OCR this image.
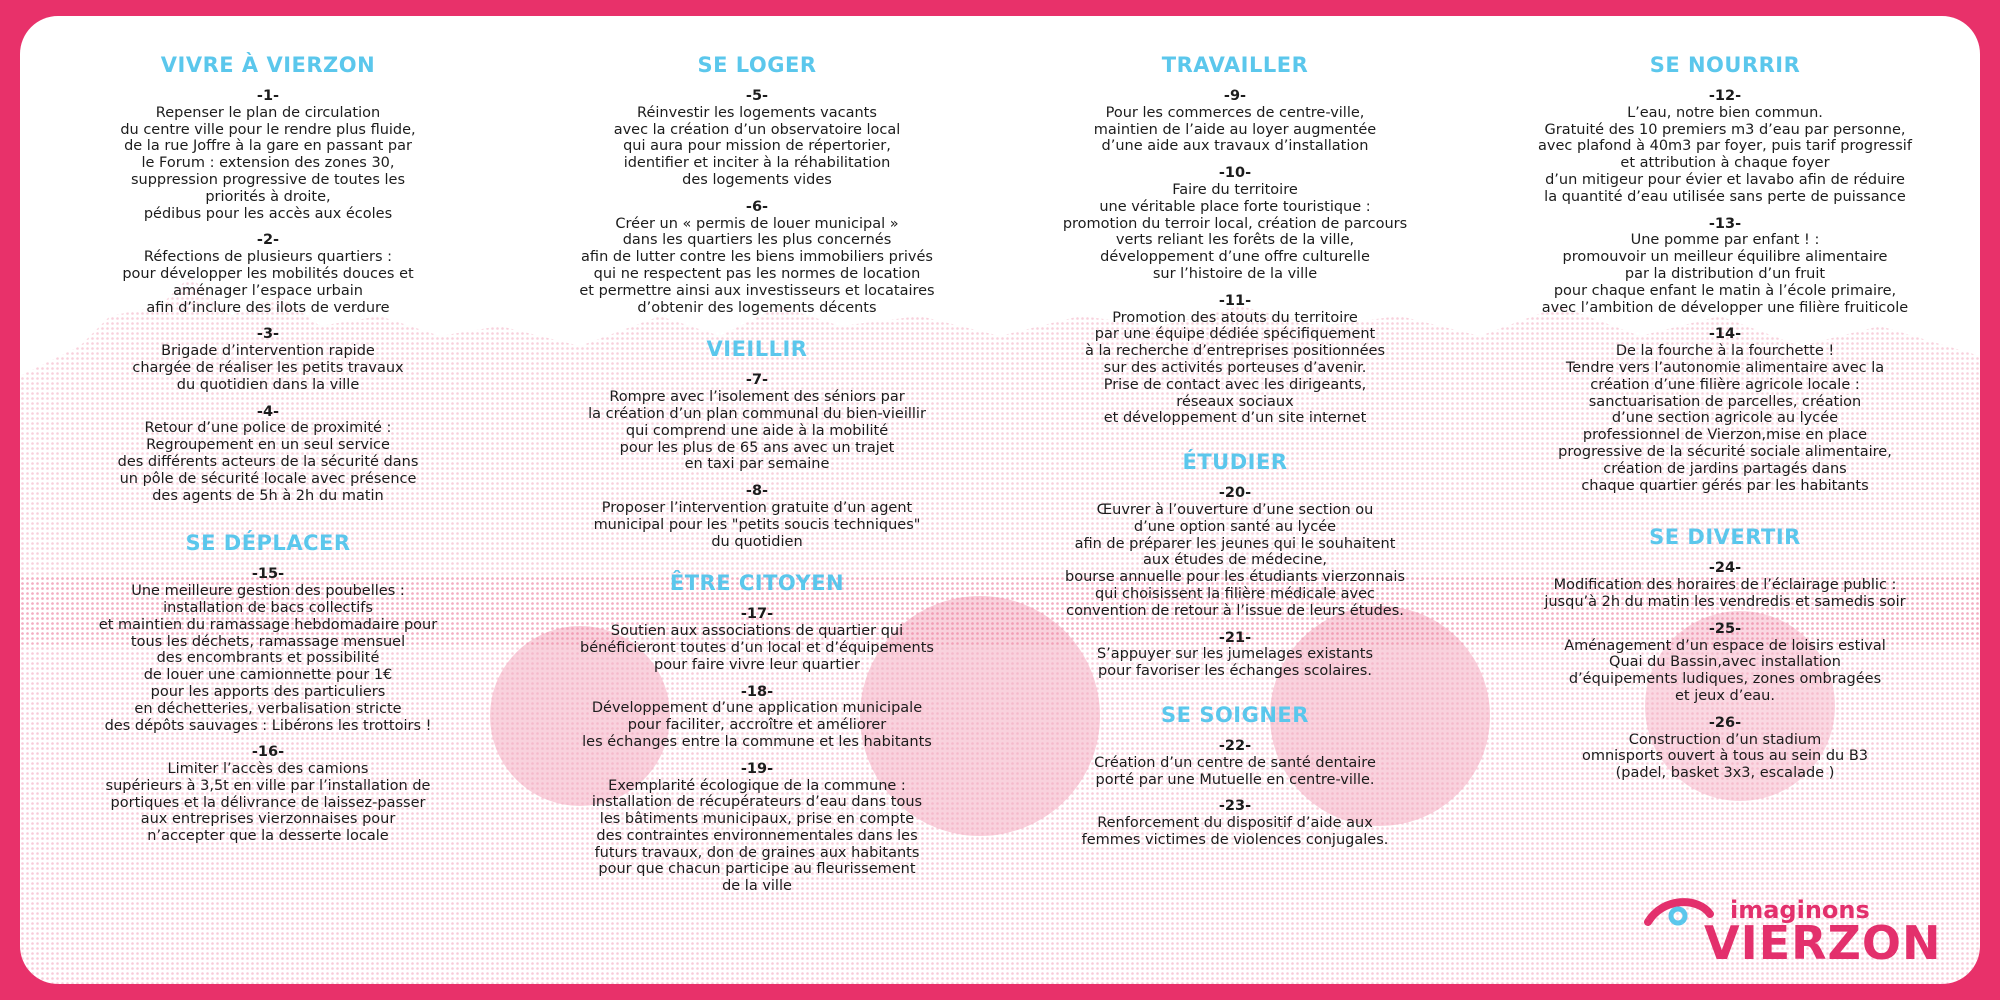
VIVRE À VIERZON
-1-
Repenser le plan de circulation
du centre ville pour le rendre plus fluide,
de la rue Joffre à la gare en passant par
le Forum : extension des zones 30,
suppression progressive de toutes les
priorités à droite,
pédibus pour les accès aux écoles
-2-
Réfections de plusieurs quartiers :
pour développer les mobilités douces et
aménager l’espace urbain
afin d’inclure des ilots de verdure
-3-
Brigade d’intervention rapide
chargée de réaliser les petits travaux
du quotidien dans la ville
-4-
Retour d’une police de proximité :
Regroupement en un seul service
des différents acteurs de la sécurité dans
un pôle de sécurité locale avec présence
des agents de 5h à 2h du matin
SE DÉPLACER
-15-
Une meilleure gestion des poubelles :
installation de bacs collectifs
et maintien du ramassage hebdomadaire pour
tous les déchets, ramassage mensuel
des encombrants et possibilité
de louer une camionnette pour 1€
pour les apports des particuliers
en déchetteries, verbalisation stricte
des dépôts sauvages : Libérons les trottoirs !
-16-
Limiter l’accès des camions
supérieurs à 3,5t en ville par l’installation de
portiques et la délivrance de laissez-passer
aux entreprises vierzonnaises pour
n’accepter que la desserte locale
SE LOGER
-5-
Réinvestir les logements vacants
avec la création d’un observatoire local
qui aura pour mission de répertorier,
identifier et inciter à la réhabilitation
des logements vides
-6-
Créer un « permis de louer municipal »
dans les quartiers les plus concernés
afin de lutter contre les biens immobiliers privés
qui ne respectent pas les normes de location
et permettre ainsi aux investisseurs et locataires
d’obtenir des logements décents
VIEILLIR
-7-
Rompre avec l’isolement des séniors par
la création d’un plan communal du bien-vieillir
qui comprend une aide à la mobilité
pour les plus de 65 ans avec un trajet
en taxi par semaine
-8-
Proposer l’intervention gratuite d’un agent
municipal pour les "petits soucis techniques"
du quotidien
ÊTRE CITOYEN
-17-
Soutien aux associations de quartier qui
bénéficieront toutes d’un local et d’équipements
pour faire vivre leur quartier
-18-
Développement d’une application municipale
pour faciliter, accroître et améliorer
les échanges entre la commune et les habitants
-19-
Exemplarité écologique de la commune :
installation de récupérateurs d’eau dans tous
les bâtiments municipaux, prise en compte
des contraintes environnementales dans les
futurs travaux, don de graines aux habitants
pour que chacun participe au fleurissement
de la ville
TRAVAILLER
-9-
Pour les commerces de centre-ville,
maintien de l’aide au loyer augmentée
d’une aide aux travaux d’installation
-10-
Faire du territoire
une véritable place forte touristique :
promotion du terroir local, création de parcours
verts reliant les forêts de la ville,
développement d’une offre culturelle
sur l’histoire de la ville
-11-
Promotion des atouts du territoire
par une équipe dédiée spécifiquement
à la recherche d’entreprises positionnées
sur des activités porteuses d’avenir.
Prise de contact avec les dirigeants,
réseaux sociaux
et développement d’un site internet
ÉTUDIER
-20-
Œuvrer à l’ouverture d’une section ou
d’une option santé au lycée
afin de préparer les jeunes qui le souhaitent
aux études de médecine,
bourse annuelle pour les étudiants vierzonnais
qui choisissent la filière médicale avec
convention de retour à l’issue de leurs études.
-21-
S’appuyer sur les jumelages existants
pour favoriser les échanges scolaires.
SE SOIGNER
-22-
Création d’un centre de santé dentaire
porté par une Mutuelle en centre-ville.
-23-
Renforcement du dispositif d’aide aux
femmes victimes de violences conjugales.
SE NOURRIR
-12-
L’eau, notre bien commun.
Gratuité des 10 premiers m3 d’eau par personne,
avec plafond à 40m3 par foyer, puis tarif progressif
et attribution à chaque foyer
d’un mitigeur pour évier et lavabo afin de réduire
la quantité d’eau utilisée sans perte de puissance
-13-
Une pomme par enfant ! :
promouvoir un meilleur équilibre alimentaire
par la distribution d’un fruit
pour chaque enfant le matin à l’école primaire,
avec l’ambition de développer une filière fruiticole
-14-
De la fourche à la fourchette !
Tendre vers l’autonomie alimentaire avec la
création d’une filière agricole locale :
sanctuarisation de parcelles, création
d’une section agricole au lycée
professionnel de Vierzon,mise en place
progressive de la sécurité sociale alimentaire,
création de jardins partagés dans
chaque quartier gérés par les habitants
SE DIVERTIR
-24-
Modification des horaires de l’éclairage public :
jusqu’à 2h du matin les vendredis et samedis soir
-25-
Aménagement d’un espace de loisirs estival
Quai du Bassin,avec installation
d’équipements ludiques, zones ombragées
et jeux d’eau.
-26-
Construction d’un stadium
omnisports ouvert à tous au sein du B3
(padel, basket 3x3, escalade )
imaginons
VIERZON
